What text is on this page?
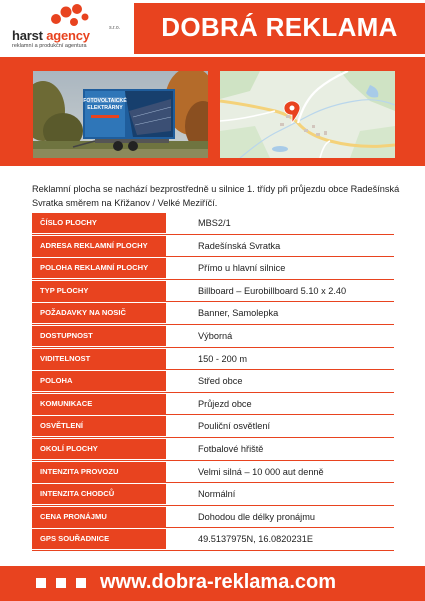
harst agency	s.r.o.
reklamní a produkční agentura
DOBRÁ REKLAMA
FOTOVOLTAICKÉ
ELEKTRÁRNY
Reklamní plocha se nachází bezprostředně u silnice 1. třídy při průjezdu obce Radešínská Svratka směrem na Křižanov / Velké Meziříčí.
ČÍSLO PLOCHY	MBS2/1
ADRESA REKLAMNÍ PLOCHY	Radešínská Svratka
POLOHA REKLAMNÍ PLOCHY	Přímo u hlavní silnice
TYP PLOCHY	Billboard – Eurobillboard 5.10 x 2.40
POŽADAVKY NA NOSIČ	Banner, Samolepka
DOSTUPNOST	Výborná
VIDITELNOST	150 - 200 m
POLOHA	Střed obce
KOMUNIKACE	Průjezd obce
OSVĚTLENÍ	Pouliční osvětlení
OKOLÍ PLOCHY	Fotbalové hřiště
INTENZITA PROVOZU	Velmi silná – 10 000 aut denně
INTENZITA CHODCŮ	Normální
CENA PRONÁJMU	Dohodou dle délky pronájmu
GPS SOUŘADNICE	49.5137975N, 16.0820231E
www.dobra-reklama.com
